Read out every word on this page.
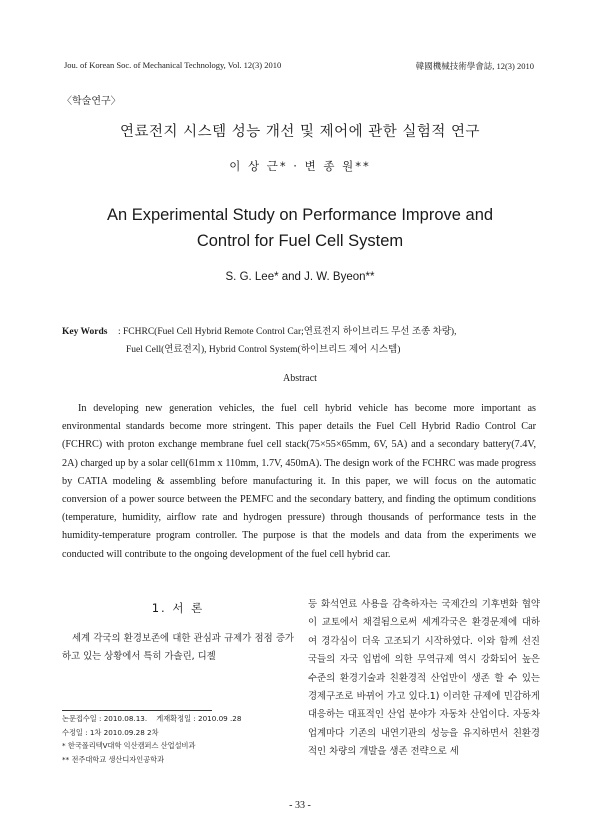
Jou. of Korean Soc. of Mechanical Technology, Vol. 12(3) 2010	韓國機械技術學會誌, 12(3) 2010
〈학술연구〉
연료전지 시스템 성능 개선 및 제어에 관한 실험적 연구
이 상 근* · 변 종 원**
An Experimental Study on Performance Improve and
Control for Fuel Cell System
S. G. Lee* and J. W. Byeon**
Key Words : FCHRC(Fuel Cell Hybrid Remote Control Car;연료전지 하이브리드 무선 조종 차량),
Fuel Cell(연료전지), Hybrid Control System(하이브리드 제어 시스템)
Abstract

In developing new generation vehicles, the fuel cell hybrid vehicle has become more important as environmental standards become more stringent. This paper details the Fuel Cell Hybrid Radio Control Car (FCHRC) with proton exchange membrane fuel cell stack(75×55×65mm, 6V, 5A) and a secondary battery(7.4V, 2A) charged up by a solar cell(61mm x 110mm, 1.7V, 450mA). The design work of the FCHRC was made progress by CATIA modeling & assembling before manufacturing it. In this paper, we will focus on the automatic conversion of a power source between the PEMFC and the secondary battery, and finding the optimum conditions (temperature, humidity, airflow rate and hydrogen pressure) through thousands of performance tests in the humidity-temperature program controller. The purpose is that the models and data from the experiments we conducted will contribute to the ongoing development of the fuel cell hybrid car.

1. 서 론
세계 각국의 환경보존에 대한 관심과 규제가 점점 증가하고 있는 상황에서 특히 가솔린, 디젤
논문접수일 : 2010.08.13. 게재확정일 : 2010.09 .28
수정일 : 1차 2010.09.28 2차
* 한국폴리텍V대학 익산캠퍼스 산업설비과
** 전주대학교 생산디자인공학과
등 화석연료 사용을 감축하자는 국제간의 기후변화 협약이 교토에서 채결됨으로써 세계각국은 환경문제에 대하여 경각심이 더욱 고조되기 시작하였다. 이와 함께 선진국들의 자국 입법에 의한 무역규제 역시 강화되어 높은 수준의 환경기술과 친환경적 산업만이 생존 할 수 있는 경제구조로 바뀌어 가고 있다.1) 이러한 규제에 민감하게 대응하는 대표적인 산업 분야가 자동차 산업이다. 자동차 업계마다 기존의 내연기관의 성능을 유지하면서 친환경적인 차량의 개발을 생존 전략으로 세
- 33 -
